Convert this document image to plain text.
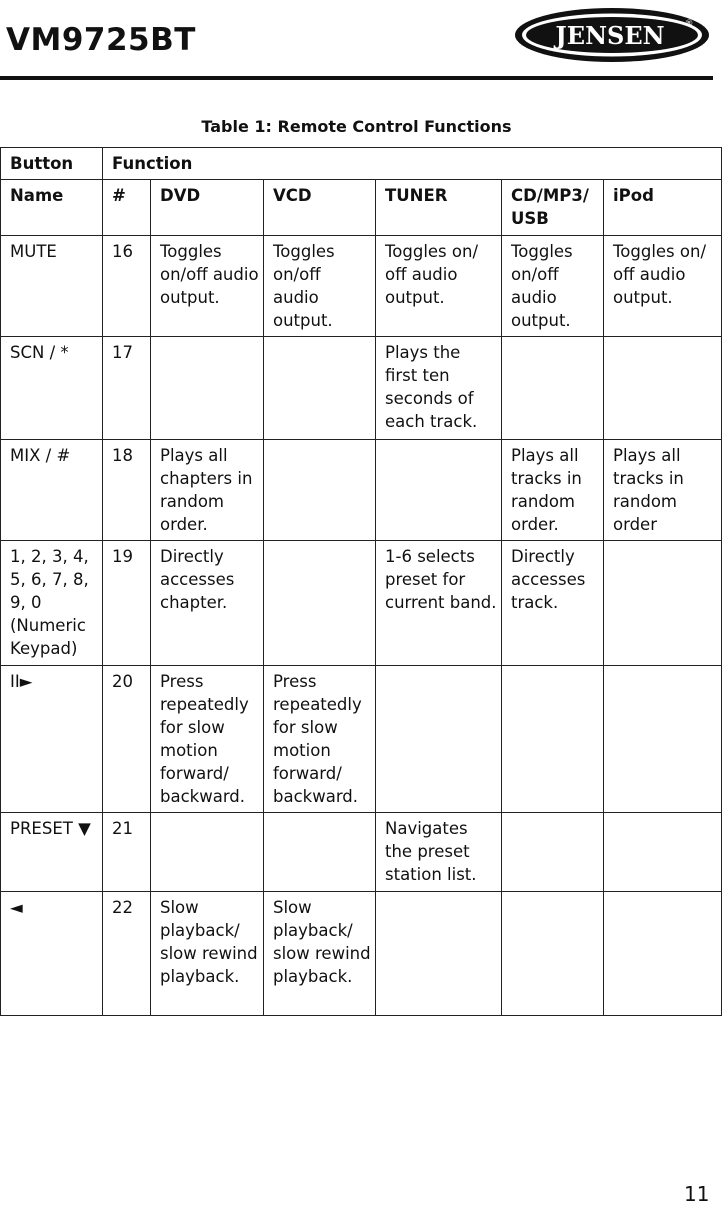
VM9725BT	JENSEN ®
Table 1: Remote Control Functions
Button	Function					
Name	#	DVD	VCD	TUNER	CD/MP3/ USB	iPod
MUTE	16	Toggles on/off audio output.	Toggles on/off audio output.	Toggles on/ off audio output.	Toggles on/off audio output.	Toggles on/ off audio output.
SCN / *	17			Plays the first ten seconds of each track.		
MIX / #	18	Plays all chapters in random order.			Plays all tracks in random order.	Plays all tracks in random order
1, 2, 3, 4, 5, 6, 7, 8, 9, 0 (Numeric Keypad)	19	Directly accesses chapter.		1-6 selects preset for current band.	Directly accesses track.	
II►	20	Press repeatedly for slow motion forward/ backward.	Press repeatedly for slow motion forward/ backward.			
PRESET ▼	21			Navigates the preset station list.		
◄	22	Slow playback/ slow rewind playback.	Slow playback/ slow rewind playback.			

11
